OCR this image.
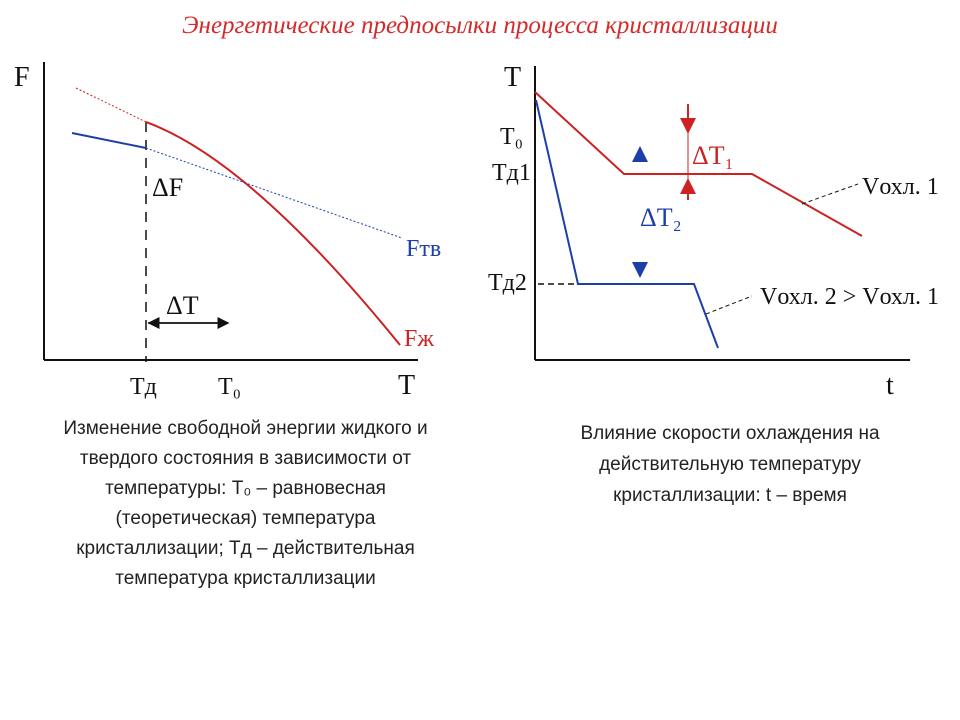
Энергетические предпосылки процесса кристаллизации
F
T
ΔF
ΔT
Fтв
Fж
Tд	T₀
T
t
T₀
Tд1
Tд2
ΔT₁
ΔT₂
Vохл. 1
Vохл. 2 > Vохл. 1
Изменение свободной энергии жидкого и
твердого состояния в зависимости от
температуры: T₀ – равновесная
(теоретическая) температура
кристаллизации; Tд – действительная
температура кристаллизации
Влияние скорости охлаждения на
действительную температуру
кристаллизации: t – время
